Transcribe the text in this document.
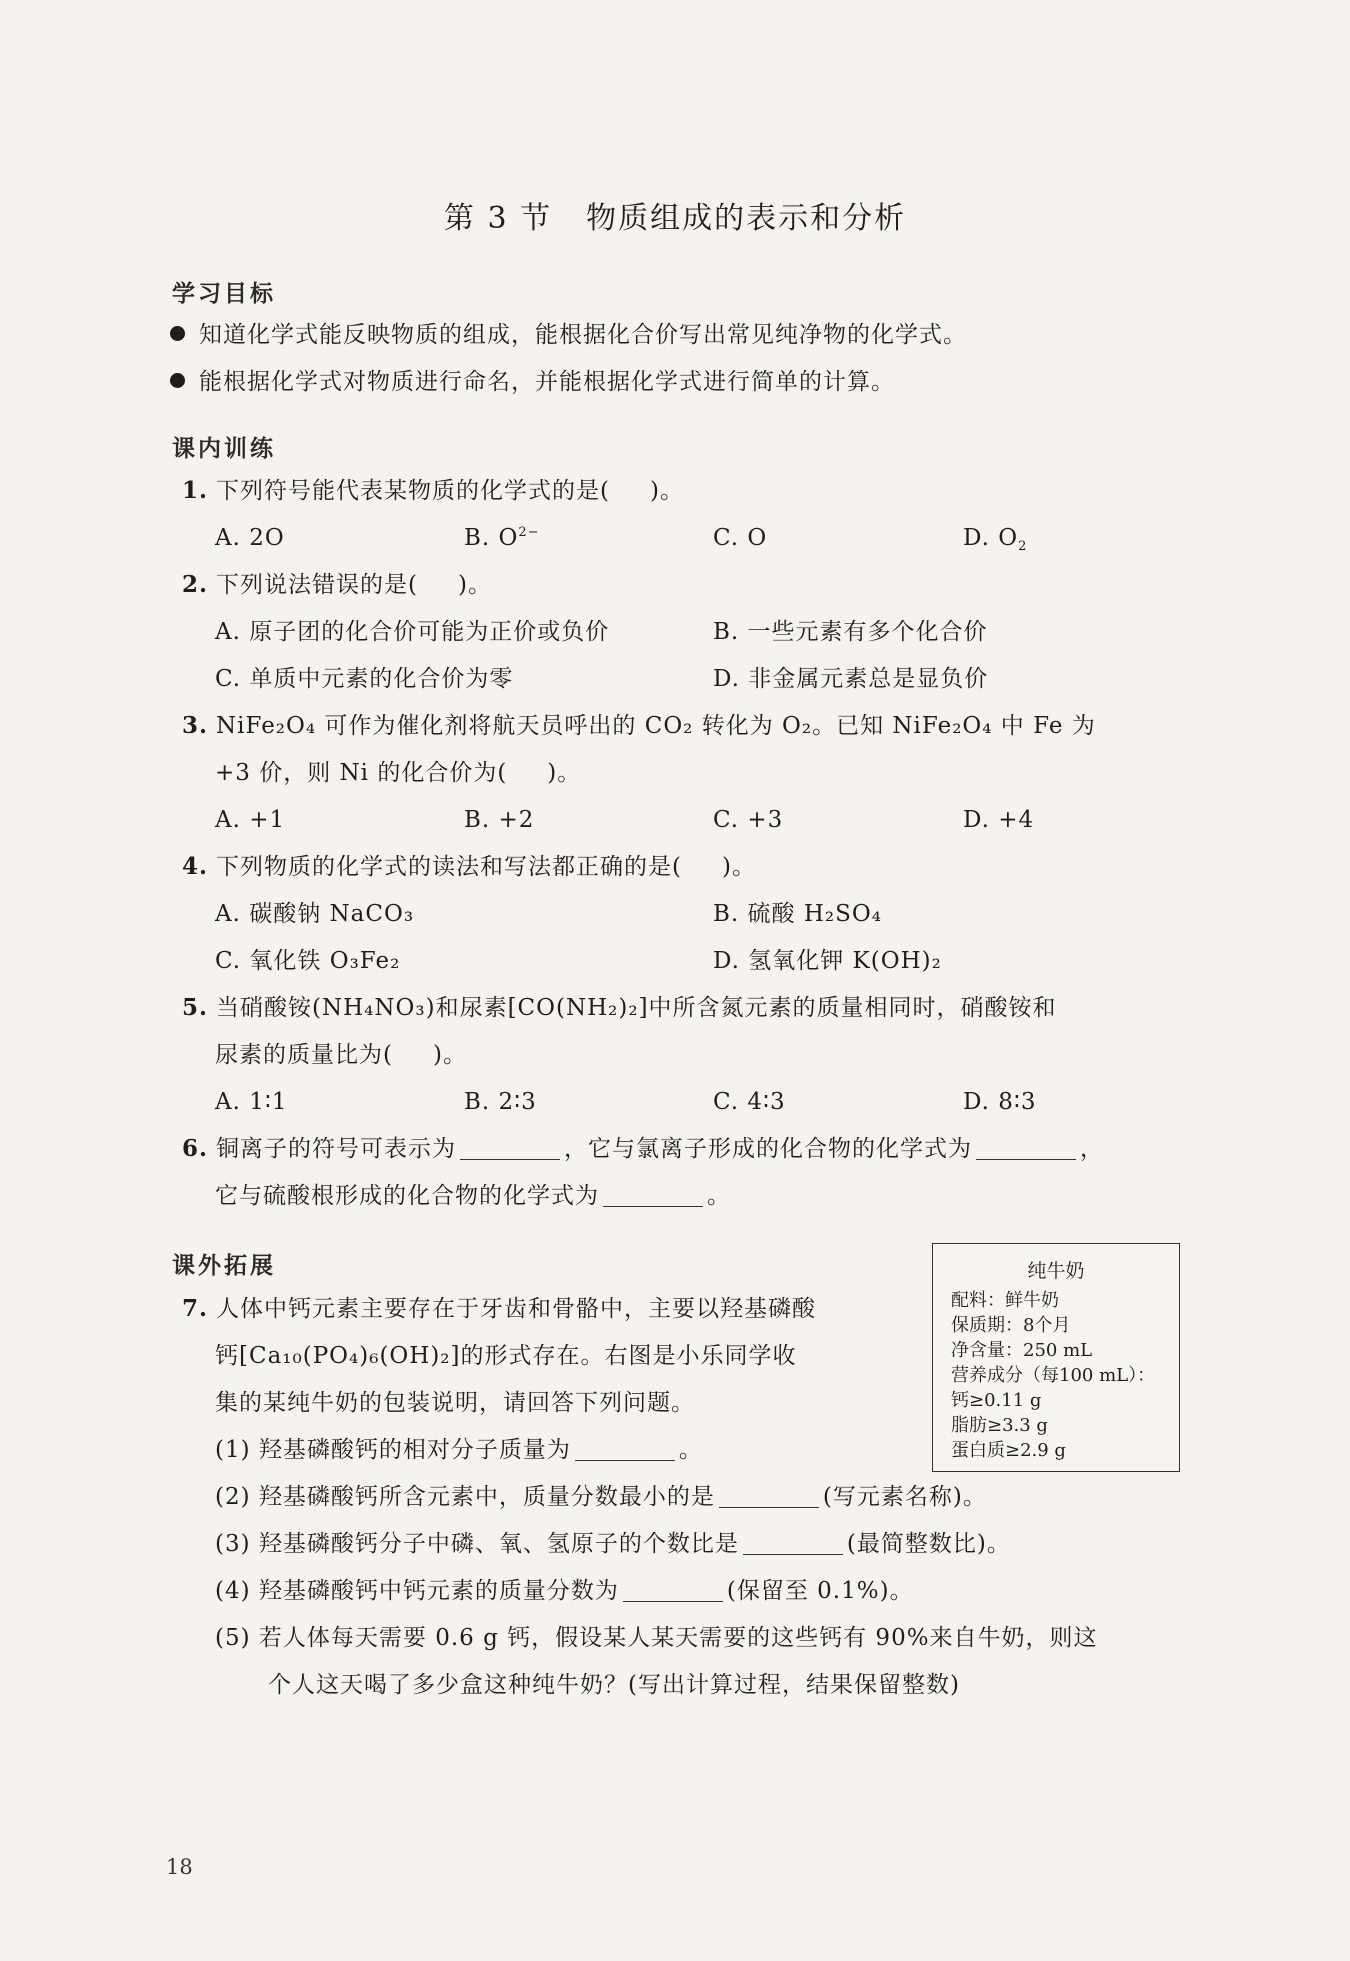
第 3 节 物质组成的表示和分析
学习目标
知道化学式能反映物质的组成，能根据化合价写出常见纯净物的化学式。
能根据化学式对物质进行命名，并能根据化学式进行简单的计算。
课内训练
1. 下列符号能代表某物质的化学式的是( )。
A. 2O	B. $O^{2-}$	C. O	D. $O_2$
2. 下列说法错误的是( )。
A. 原子团的化合价可能为正价或负价	B. 一些元素有多个化合价
C. 单质中元素的化合价为零	D. 非金属元素总是显负价
3. NiFe₂O₄ 可作为催化剂将航天员呼出的 CO₂ 转化为 O₂。已知 NiFe₂O₄ 中 Fe 为
+3 价，则 Ni 的化合价为( )。
A. +1	B. +2	C. +3	D. +4
4. 下列物质的化学式的读法和写法都正确的是( )。
A. 碳酸钠 NaCO₃	B. 硫酸 H₂SO₄
C. 氧化铁 O₃Fe₂	D. 氢氧化钾 K(OH)₂
5. 当硝酸铵(NH₄NO₃)和尿素[CO(NH₂)₂]中所含氮元素的质量相同时，硝酸铵和
尿素的质量比为( )。
A. 1∶1	B. 2∶3	C. 4∶3	D. 8∶3
6. 铜离子的符号可表示为	，它与氯离子形成的化合物的化学式为	，
它与硫酸根形成的化合物的化学式为	。
课外拓展
7. 人体中钙元素主要存在于牙齿和骨骼中，主要以羟基磷酸
钙[Ca₁₀(PO₄)₆(OH)₂]的形式存在。右图是小乐同学收
集的某纯牛奶的包装说明，请回答下列问题。
(1) 羟基磷酸钙的相对分子质量为	。
(2) 羟基磷酸钙所含元素中，质量分数最小的是	(写元素名称)。
(3) 羟基磷酸钙分子中磷、氧、氢原子的个数比是	(最简整数比)。
(4) 羟基磷酸钙中钙元素的质量分数为	(保留至 0.1%)。
(5) 若人体每天需要 0.6 g 钙，假设某人某天需要的这些钙有 90%来自牛奶，则这
个人这天喝了多少盒这种纯牛奶？(写出计算过程，结果保留整数)
纯牛奶
配料：鲜牛奶
保质期：8个月
净含量：250 mL
营养成分（每100 mL）：
钙≥0.11 g
脂肪≥3.3 g
蛋白质≥2.9 g
18
